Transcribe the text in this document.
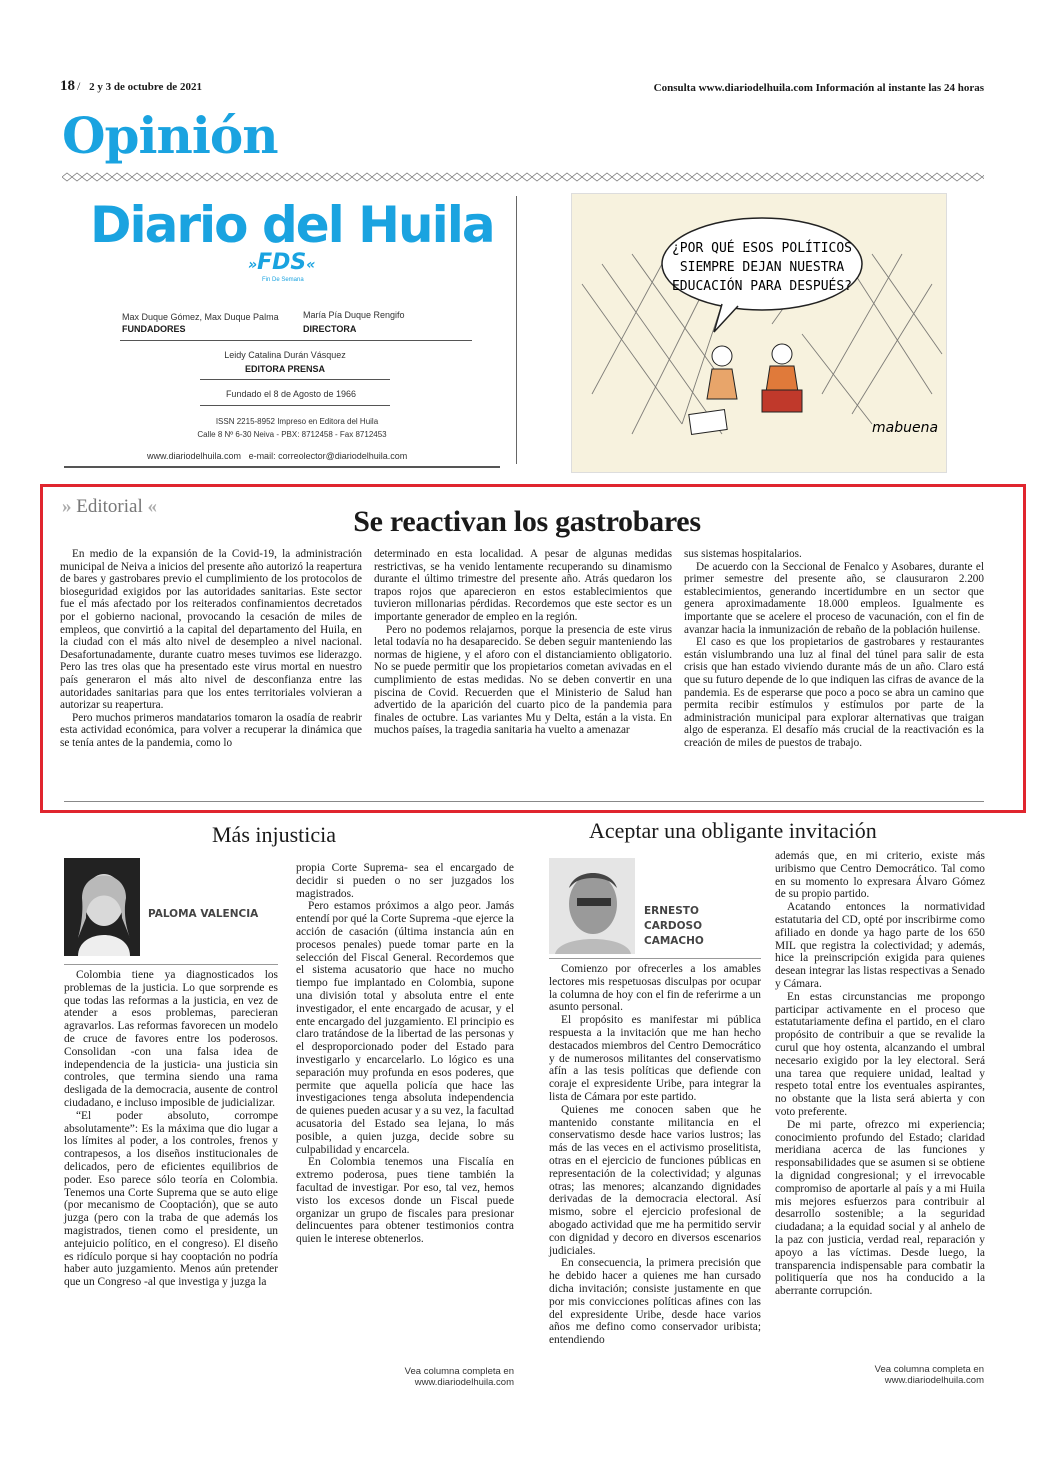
18 / 2 y 3 de octubre de 2021	Consulta www.diariodelhuila.com Información al instante las 24 horas
Opinión
Diario del Huila
»FDS«
Fin De Semana
Max Duque Gómez, Max Duque Palma
FUNDADORES
María Pía Duque Rengifo
DIRECTORA
Leidy Catalina Durán Vásquez
EDITORA PRENSA
Fundado el 8 de Agosto de 1966
ISSN 2215-8952 Impreso en Editora del Huila
Calle 8 Nº 6-30 Neiva - PBX: 8712458 - Fax 8712453
www.diariodelhuila.com e-mail: correolector@diariodelhuila.com
¿POR QUÉ ESOS POLÍTICOS
SIEMPRE DEJAN NUESTRA
EDUCACIÓN PARA DESPUÉS?
mabuena
» Editorial «	Se reactivan los gastrobares

En medio de la expansión de la Covid-19, la administración municipal de Neiva a inicios del presente año autorizó la reapertura de bares y gastrobares previo el cumplimiento de los protocolos de bioseguridad exigidos por las autoridades sanitarias. Este sector fue el más afectado por los reiterados confinamientos decretados por el gobierno nacional, provocando la cesación de miles de empleos, que convirtió a la capital del departamento del Huila, en la ciudad con el más alto nivel de desempleo a nivel nacional. Desafortunadamente, durante cuatro meses tuvimos ese liderazgo. Pero las tres olas que ha presentado este virus mortal en nuestro país generaron el más alto nivel de desconfianza entre las autoridades sanitarias para que los entes territoriales volvieran a autorizar su reapertura.

Pero muchos primeros mandatarios tomaron la osadía de reabrir esta actividad económica, para volver a recuperar la dinámica que se tenía antes de la pandemia, como lo

determinado en esta localidad. A pesar de algunas medidas restrictivas, se ha venido lentamente recuperando su dinamismo durante el último trimestre del presente año. Atrás quedaron los trapos rojos que aparecieron en estos establecimientos que tuvieron millonarias pérdidas. Recordemos que este sector es un importante generador de empleo en la región.

Pero no podemos relajarnos, porque la presencia de este virus letal todavía no ha desaparecido. Se deben seguir manteniendo las normas de higiene, y el aforo con el distanciamiento obligatorio. No se puede permitir que los propietarios cometan avivadas en el cumplimiento de estas medidas. No se deben convertir en una piscina de Covid. Recuerden que el Ministerio de Salud han advertido de la aparición del cuarto pico de la pandemia para finales de octubre. Las variantes Mu y Delta, están a la vista. En muchos países, la tragedia sanitaria ha vuelto a amenazar

sus sistemas hospitalarios.

De acuerdo con la Seccional de Fenalco y Asobares, durante el primer semestre del presente año, se clausuraron 2.200 establecimientos, generando incertidumbre en un sector que genera aproximadamente 18.000 empleos. Igualmente es importante que se acelere el proceso de vacunación, con el fin de avanzar hacia la inmunización de rebaño de la población huilense.

El caso es que los propietarios de gastrobares y restaurantes están vislumbrando una luz al final del túnel para salir de esta crisis que han estado viviendo durante más de un año. Claro está que su futuro depende de lo que indiquen las cifras de avance de la pandemia. Es de esperarse que poco a poco se abra un camino que permita recibir estímulos y estímulos por parte de la administración municipal para explorar alternativas que traigan algo de esperanza. El desafío más crucial de la reactivación es la creación de miles de puestos de trabajo.

Más injusticia
PALOMA VALENCIA

Colombia tiene ya diagnosticados los problemas de la justicia. Lo que sorprende es que todas las reformas a la justicia, en vez de atender a esos problemas, parecieran agravarlos. Las reformas favorecen un modelo de cruce de favores entre los poderosos. Consolidan -con una falsa idea de independencia de la justicia- una justicia sin controles, que termina siendo una rama desligada de la democracia, ausente de control ciudadano, e incluso imposible de judicializar.

“El poder absoluto, corrompe absolutamente”: Es la máxima que dio lugar a los límites al poder, a los controles, frenos y contrapesos, a los diseños institucionales de delicados, pero de eficientes equilibrios de poder. Eso parece sólo teoría en Colombia. Tenemos una Corte Suprema que se auto elige (por mecanismo de Cooptación), que se auto juzga (pero con la traba de que además los magistrados, tienen como el presidente, un antejuicio político, en el congreso). El diseño es ridículo porque si hay cooptación no podría haber auto juzgamiento. Menos aún pretender que un Congreso -al que investiga y juzga la

propia Corte Suprema- sea el encargado de decidir si pueden o no ser juzgados los magistrados.

Pero estamos próximos a algo peor. Jamás entendí por qué la Corte Suprema -que ejerce la acción de casación (última instancia aún en procesos penales) puede tomar parte en la selección del Fiscal General. Recordemos que el sistema acusatorio que hace no mucho tiempo fue implantado en Colombia, supone una división total y absoluta entre el ente investigador, el ente encargado de acusar, y el ente encargado del juzgamiento. El principio es claro tratándose de la libertad de las personas y el desproporcionado poder del Estado para investigarlo y encarcelarlo. Lo lógico es una separación muy profunda en esos poderes, que permite que aquella policía que hace las investigaciones tenga absoluta independencia de quienes pueden acusar y a su vez, la facultad acusatoria del Estado sea lejana, lo más posible, a quien juzga, decide sobre su culpabilidad y encarcela.

En Colombia tenemos una Fiscalía en extremo poderosa, pues tiene también la facultad de investigar. Por eso, tal vez, hemos visto los excesos donde un Fiscal puede organizar un grupo de fiscales para presionar delincuentes para obtener testimonios contra quien le interese obtenerlos.

Vea columna completa en
www.diariodelhuila.com
Aceptar una obligante invitación
ERNESTO
CARDOSO
CAMACHO

Comienzo por ofrecerles a los amables lectores mis respetuosas disculpas por ocupar la columna de hoy con el fin de referirme a un asunto personal.

El propósito es manifestar mi pública respuesta a la invitación que me han hecho destacados miembros del Centro Democrático y de numerosos militantes del conservatismo afín a las tesis políticas que defiende con coraje el expresidente Uribe, para integrar la lista de Cámara por este partido.

Quienes me conocen saben que he mantenido constante militancia en el conservatismo desde hace varios lustros; las más de las veces en el activismo proselitista, otras en el ejercicio de funciones públicas en representación de la colectividad; y algunas otras; las menores; alcanzando dignidades derivadas de la democracia electoral. Así mismo, sobre el ejercicio profesional de abogado actividad que me ha permitido servir con dignidad y decoro en diversos escenarios judiciales.

En consecuencia, la primera precisión que he debido hacer a quienes me han cursado dicha invitación; consiste justamente en que por mis convicciones políticas afines con las del expresidente Uribe, desde hace varios años me defino como conservador uribista; entendiendo

además que, en mi criterio, existe más uribismo que Centro Democrático. Tal como en su momento lo expresara Álvaro Gómez de su propio partido.

Acatando entonces la normatividad estatutaria del CD, opté por inscribirme como afiliado en donde ya hago parte de los 650 MIL que registra la colectividad; y además, hice la preinscripción exigida para quienes desean integrar las listas respectivas a Senado y Cámara.

En estas circunstancias me propongo participar activamente en el proceso que estatutariamente defina el partido, en el claro propósito de contribuir a que se revalide la curul que hoy ostenta, alcanzando el umbral necesario exigido por la ley electoral. Será una tarea que requiere unidad, lealtad y respeto total entre los eventuales aspirantes, no obstante que la lista será abierta y con voto preferente.

De mi parte, ofrezco mi experiencia; conocimiento profundo del Estado; claridad meridiana acerca de las funciones y responsabilidades que se asumen si se obtiene la dignidad congresional; y el irrevocable compromiso de aportarle al país y a mi Huila mis mejores esfuerzos para contribuir al desarrollo sostenible; a la seguridad ciudadana; a la equidad social y al anhelo de la paz con justicia, verdad real, reparación y apoyo a las víctimas. Desde luego, la transparencia indispensable para combatir la politiquería que nos ha conducido a la aberrante corrupción.

Vea columna completa en
www.diariodelhuila.com
